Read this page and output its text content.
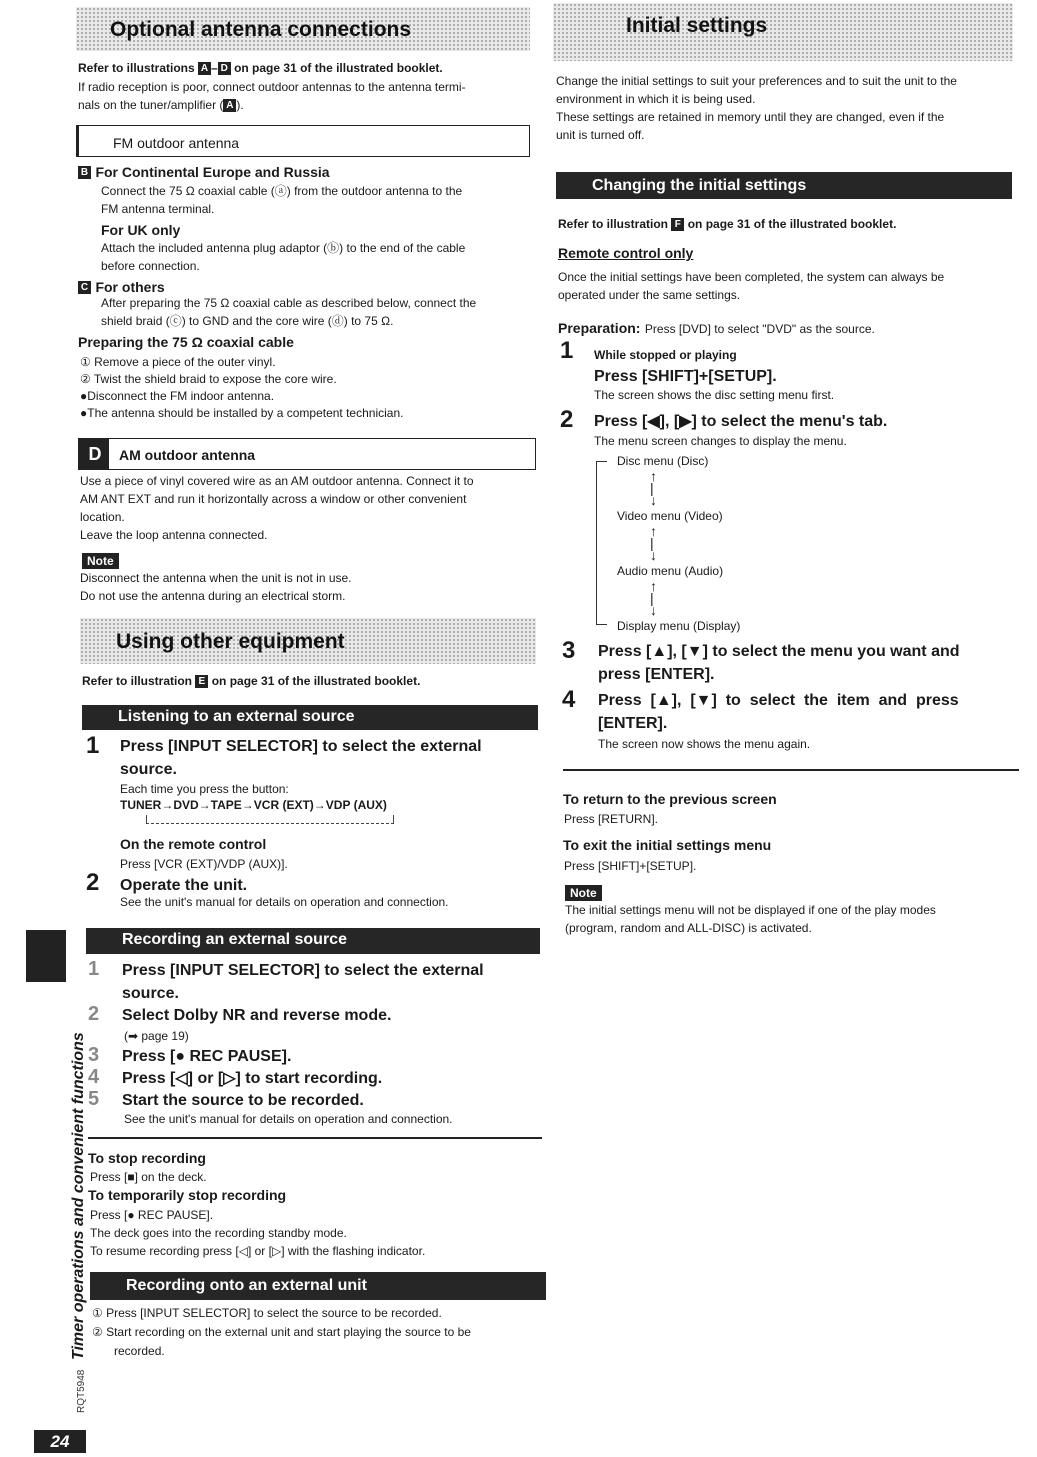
Optional antenna connections
Refer to illustrations A – D on page 31 of the illustrated booklet.
If radio reception is poor, connect outdoor antennas to the antenna termi-
nals on the tuner/amplifier ( A ).
FM outdoor antenna
B For Continental Europe and Russia
Connect the 75 Ω coaxial cable (ⓐ) from the outdoor antenna to the
FM antenna terminal.
For UK only
Attach the included antenna plug adaptor (ⓑ) to the end of the cable
before connection.
C For others
After preparing the 75 Ω coaxial cable as described below, connect the
shield braid (ⓒ) to GND and the core wire (ⓓ) to 75 Ω.
Preparing the 75 Ω coaxial cable
① Remove a piece of the outer vinyl.
② Twist the shield braid to expose the core wire.
●Disconnect the FM indoor antenna.
●The antenna should be installed by a competent technician.
D	AM outdoor antenna
Use a piece of vinyl covered wire as an AM outdoor antenna. Connect it to
AM ANT EXT and run it horizontally across a window or other convenient
location.
Leave the loop antenna connected.
Note
Disconnect the antenna when the unit is not in use.
Do not use the antenna during an electrical storm.
Using other equipment
Refer to illustration E on page 31 of the illustrated booklet.
Listening to an external source
1 Press [INPUT SELECTOR] to select the external
source.
Each time you press the button:
TUNER→DVD→TAPE→VCR (EXT)→VDP (AUX)
On the remote control
Press [VCR (EXT)/VDP (AUX)].
2 Operate the unit.
See the unit's manual for details on operation and connection.
Recording an external source
1 Press [INPUT SELECTOR] to select the external
source.
2 Select Dolby NR and reverse mode.
(➡ page 19)
3 Press [● REC PAUSE].
4 Press [◁] or [▷] to start recording.
5 Start the source to be recorded.
See the unit's manual for details on operation and connection.
To stop recording
Press [■] on the deck.
To temporarily stop recording
Press [● REC PAUSE].
The deck goes into the recording standby mode.
To resume recording press [◁] or [▷] with the flashing indicator.
Recording onto an external unit
① Press [INPUT SELECTOR] to select the source to be recorded.
② Start recording on the external unit and start playing the source to be
recorded.
Timer operations and convenient functions
RQT5948
24
Initial settings
Change the initial settings to suit your preferences and to suit the unit to the
environment in which it is being used.
These settings are retained in memory until they are changed, even if the
unit is turned off.
Changing the initial settings
Refer to illustration F on page 31 of the illustrated booklet.
Remote control only
Once the initial settings have been completed, the system can always be
operated under the same settings.
Preparation: Press [DVD] to select "DVD" as the source.
1 While stopped or playing
Press [SHIFT]+[SETUP].
The screen shows the disc setting menu first.
2 Press [◀], [▶] to select the menu's tab.
The menu screen changes to display the menu.
Disc menu (Disc)
↑
|
↓
Video menu (Video)
↑
|
↓
Audio menu (Audio)
↑
|
↓
Display menu (Display)
3 Press [▲], [▼] to select the menu you want and
press [ENTER].
4 Press  [▲],  [▼]  to  select  the  item  and  press
[ENTER].
The screen now shows the menu again.
To return to the previous screen
Press [RETURN].
To exit the initial settings menu
Press [SHIFT]+[SETUP].
Note
The initial settings menu will not be displayed if one of the play modes
(program, random and ALL-DISC) is activated.
